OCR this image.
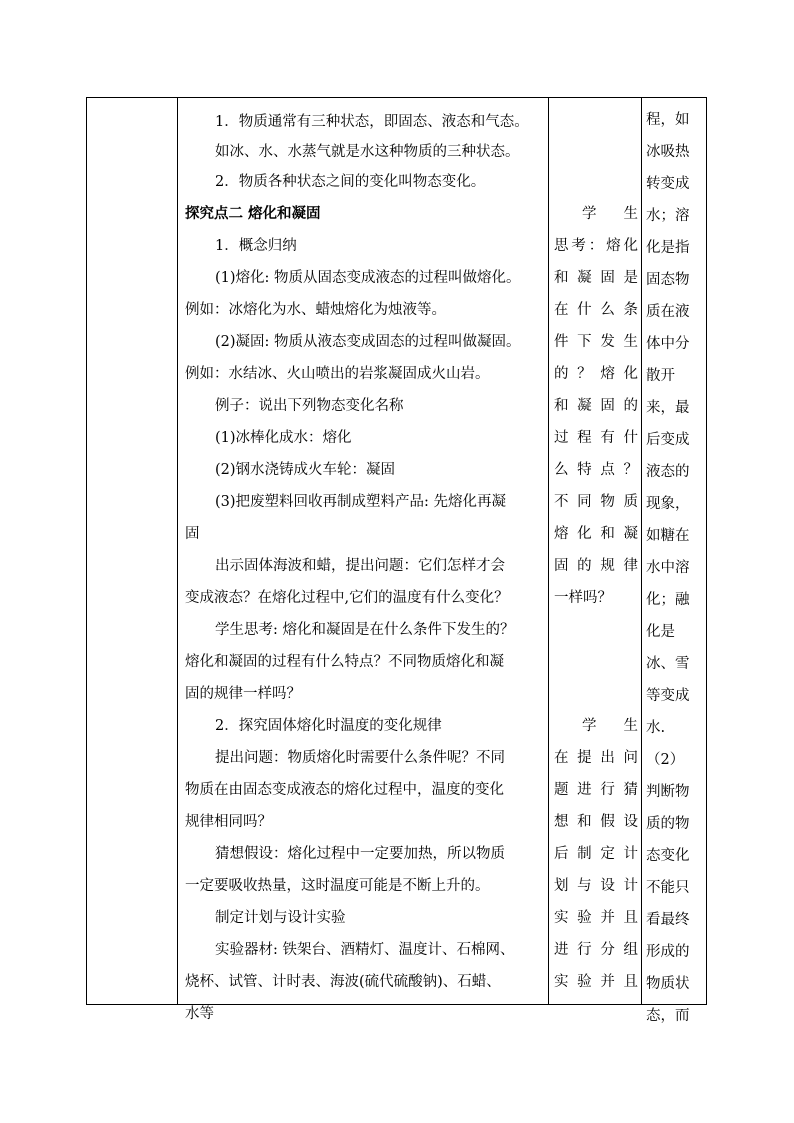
1．物质通常有三种状态，即固态、液态和气态。
如冰、水、水蒸气就是水这种物质的三种状态。
2．物质各种状态之间的变化叫物态变化。
探究点二 熔化和凝固
1．概念归纳
(1)熔化: 物质从固态变成液态的过程叫做熔化。
例如：冰熔化为水、蜡烛熔化为烛液等。
(2)凝固: 物质从液态变成固态的过程叫做凝固。
例如：水结冰、火山喷出的岩浆凝固成火山岩。
例子：说出下列物态变化名称
(1)冰棒化成水：熔化
(2)钢水浇铸成火车轮：凝固
(3)把废塑料回收再制成塑料产品: 先熔化再凝
固
出示固体海波和蜡，提出问题：它们怎样才会
变成液态？在熔化过程中,它们的温度有什么变化？
学生思考: 熔化和凝固是在什么条件下发生的？
熔化和凝固的过程有什么特点？不同物质熔化和凝
固的规律一样吗？
2．探究固体熔化时温度的变化规律
提出问题：物质熔化时需要什么条件呢？不同
物质在由固态变成液态的熔化过程中，温度的变化
规律相同吗？
猜想假设：熔化过程中一定要加热，所以物质
一定要吸收热量，这时温度可能是不断上升的。
制定计划与设计实验
实验器材: 铁架台、酒精灯、温度计、石棉网、
烧杯、试管、计时表、海波(硫代硫酸钠)、石蜡、
水等
学生
思考：熔化
和凝固是
在什么条
件下发生
的？熔化
和凝固的
过程有什
么特点？
不同物质
熔化和凝
固的规律
一样吗？
学生
在提出问
题进行猜
想和假设
后制定计
划与设计
实验并且
进行分组
实验并且
程，如
冰吸热
转变成
水；溶
化是指
固态物
质在液
体中分
散开
来，最
后变成
液态的
现象，
如糖在
水中溶
化；融
化是
冰、雪
等变成
水.
（2）
判断物
质的物
态变化
不能只
看最终
形成的
物质状
态，而
